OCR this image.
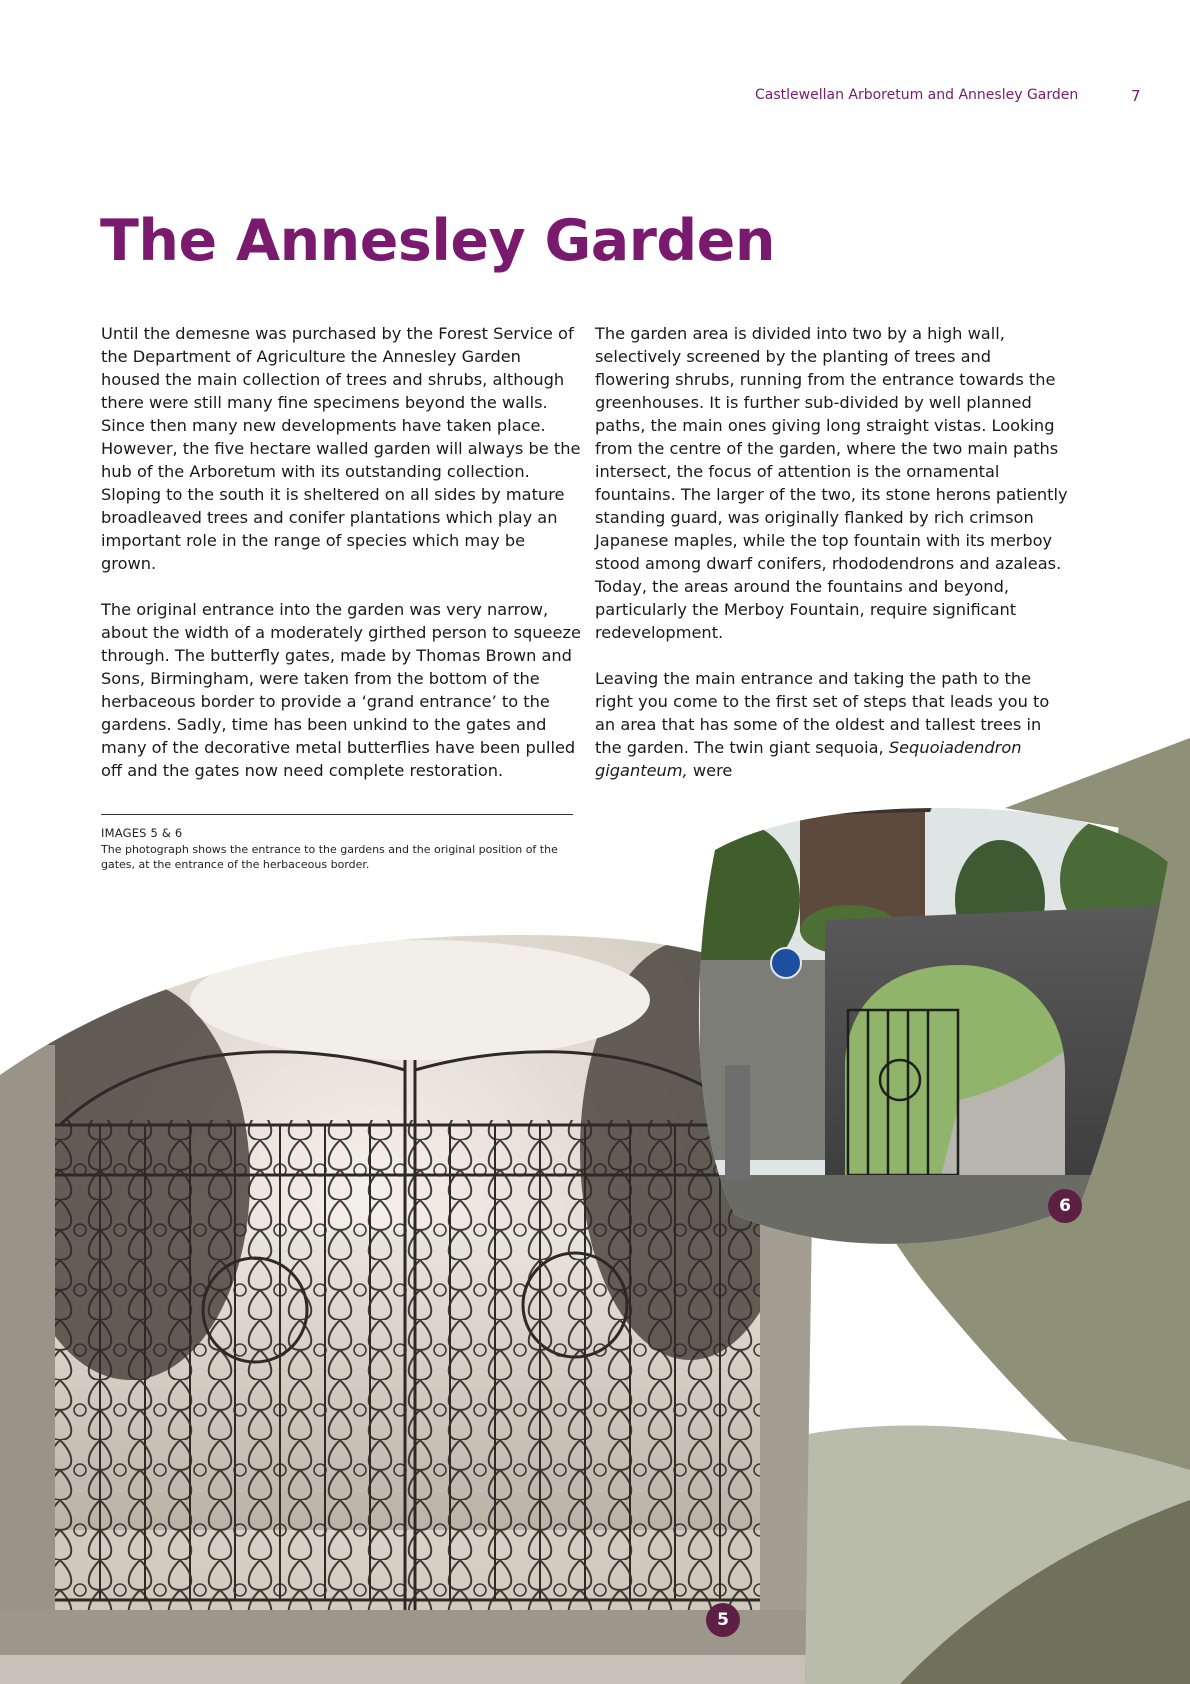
Castlewellan Arboretum and Annesley Garden	7
The Annesley Garden

Until the demesne was purchased by the Forest Service of the Department of Agriculture the Annesley Garden housed the main collection of trees and shrubs, although there were still many fine specimens beyond the walls. Since then many new developments have taken place. However, the five hectare walled garden will always be the hub of the Arboretum with its outstanding collection. Sloping to the south it is sheltered on all sides by mature broadleaved trees and conifer plantations which play an important role in the range of species which may be grown.

The original entrance into the garden was very narrow, about the width of a moderately girthed person to squeeze through. The butterfly gates, made by Thomas Brown and Sons, Birmingham, were taken from the bottom of the herbaceous border to provide a ‘grand entrance’ to the gardens. Sadly, time has been unkind to the gates and many of the decorative metal butterflies have been pulled off and the gates now need complete restoration.

The garden area is divided into two by a high wall, selectively screened by the planting of trees and flowering shrubs, running from the entrance towards the greenhouses. It is further sub-divided by well planned paths, the main ones giving long straight vistas. Looking from the centre of the garden, where the two main paths intersect, the focus of attention is the ornamental fountains. The larger of the two, its stone herons patiently standing guard, was originally flanked by rich crimson Japanese maples, while the top fountain with its merboy stood among dwarf conifers, rhododendrons and azaleas. Today, the areas around the fountains and beyond, particularly the Merboy Fountain, require significant redevelopment.

Leaving the main entrance and taking the path to the right you come to the first set of steps that leads you to an area that has some of the oldest and tallest trees in the garden. The twin giant sequoia, Sequoiadendron giganteum, were

IMAGES 5 & 6
The photograph shows the entrance to the gardens and the original position of the gates, at the entrance of the herbaceous border.
5
6
